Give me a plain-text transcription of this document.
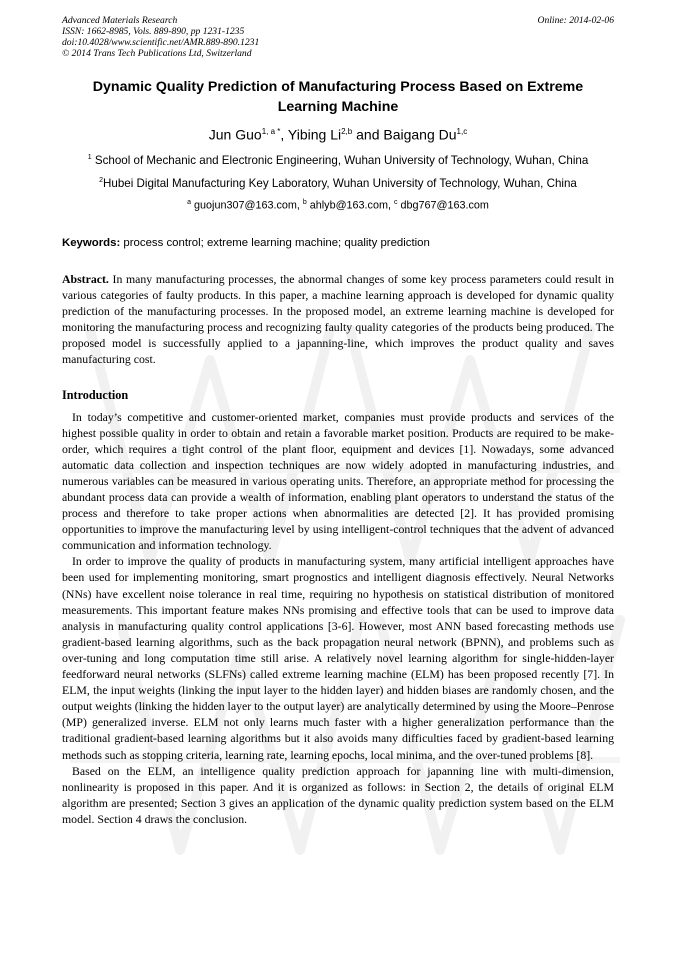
Advanced Materials Research
ISSN: 1662-8985, Vols. 889-890, pp 1231-1235
doi:10.4028/www.scientific.net/AMR.889-890.1231
© 2014 Trans Tech Publications Ltd, Switzerland
Online: 2014-02-06
Dynamic Quality Prediction of Manufacturing Process Based on Extreme Learning Machine
Jun Guo$^{1, a *}$, Yibing Li$^{2,b}$ and Baigang Du$^{1,c}$
$^1$ School of Mechanic and Electronic Engineering, Wuhan University of Technology, Wuhan, China
$^2$Hubei Digital Manufacturing Key Laboratory, Wuhan University of Technology, Wuhan, China
$^a$ guojun307@163.com, $^b$ ahlyb@163.com, $^c$ dbg767@163.com
Keywords: process control; extreme learning machine; quality prediction
Abstract. In many manufacturing processes, the abnormal changes of some key process parameters could result in various categories of faulty products. In this paper, a machine learning approach is developed for dynamic quality prediction of the manufacturing processes. In the proposed model, an extreme learning machine is developed for monitoring the manufacturing process and recognizing faulty quality categories of the products being produced. The proposed model is successfully applied to a japanning-line, which improves the product quality and saves manufacturing cost.
Introduction
In today’s competitive and customer-oriented market, companies must provide products and services of the highest possible quality in order to obtain and retain a favorable market position. Products are required to be make-order, which requires a tight control of the plant floor, equipment and devices [1]. Nowadays, some advanced automatic data collection and inspection techniques are now widely adopted in manufacturing industries, and numerous variables can be measured in various operating units. Therefore, an appropriate method for processing the abundant process data can provide a wealth of information, enabling plant operators to understand the status of the process and therefore to take proper actions when abnormalities are detected [2]. It has provided promising opportunities to improve the manufacturing level by using intelligent-control techniques that the advent of advanced communication and information technology.
In order to improve the quality of products in manufacturing system, many artificial intelligent approaches have been used for implementing monitoring, smart prognostics and intelligent diagnosis effectively. Neural Networks (NNs) have excellent noise tolerance in real time, requiring no hypothesis on statistical distribution of monitored measurements. This important feature makes NNs promising and effective tools that can be used to improve data analysis in manufacturing quality control applications [3-6]. However, most ANN based forecasting methods use gradient-based learning algorithms, such as the back propagation neural network (BPNN), and problems such as over-tuning and long computation time still arise. A relatively novel learning algorithm for single-hidden-layer feedforward neural networks (SLFNs) called extreme learning machine (ELM) has been proposed recently [7]. In ELM, the input weights (linking the input layer to the hidden layer) and hidden biases are randomly chosen, and the output weights (linking the hidden layer to the output layer) are analytically determined by using the Moore–Penrose (MP) generalized inverse. ELM not only learns much faster with a higher generalization performance than the traditional gradient-based learning algorithms but it also avoids many difficulties faced by gradient-based learning methods such as stopping criteria, learning rate, learning epochs, local minima, and the over-tuned problems [8].
Based on the ELM, an intelligence quality prediction approach for japanning line with multi-dimension, nonlinearity is proposed in this paper. And it is organized as follows: in Section 2, the details of original ELM algorithm are presented; Section 3 gives an application of the dynamic quality prediction system based on the ELM model. Section 4 draws the conclusion.
